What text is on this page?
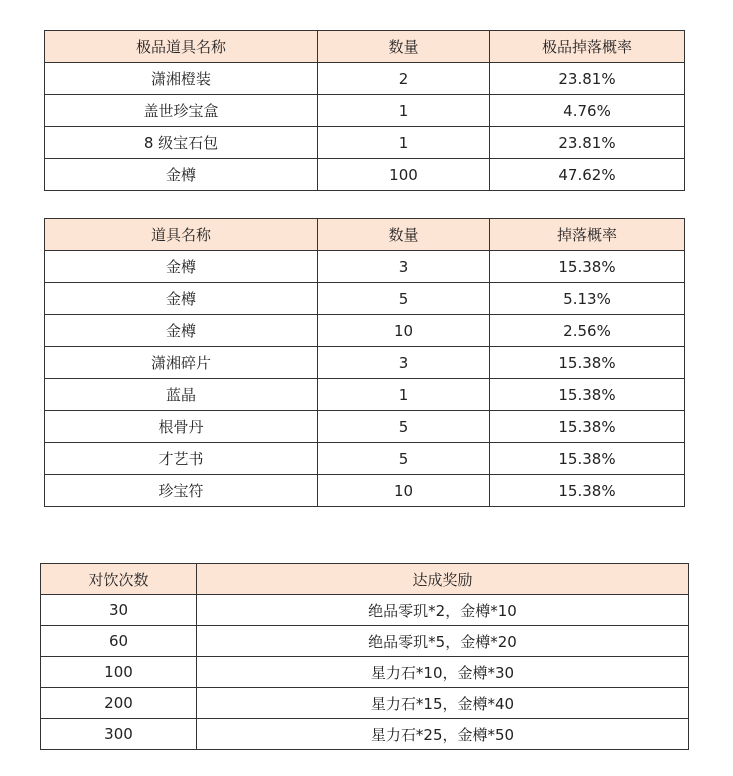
极品道具名称	数量	极品掉落概率
潇湘橙装	2	23.81%
盖世珍宝盒	1	4.76%
8 级宝石包	1	23.81%
金樽	100	47.62%
道具名称	数量	掉落概率
金樽	3	15.38%
金樽	5	5.13%
金樽	10	2.56%
潇湘碎片	3	15.38%
蓝晶	1	15.38%
根骨丹	5	15.38%
才艺书	5	15.38%
珍宝符	10	15.38%
对饮次数	达成奖励
30	绝品零玑*2，金樽*10
60	绝品零玑*5，金樽*20
100	星力石*10，金樽*30
200	星力石*15，金樽*40
300	星力石*25，金樽*50
